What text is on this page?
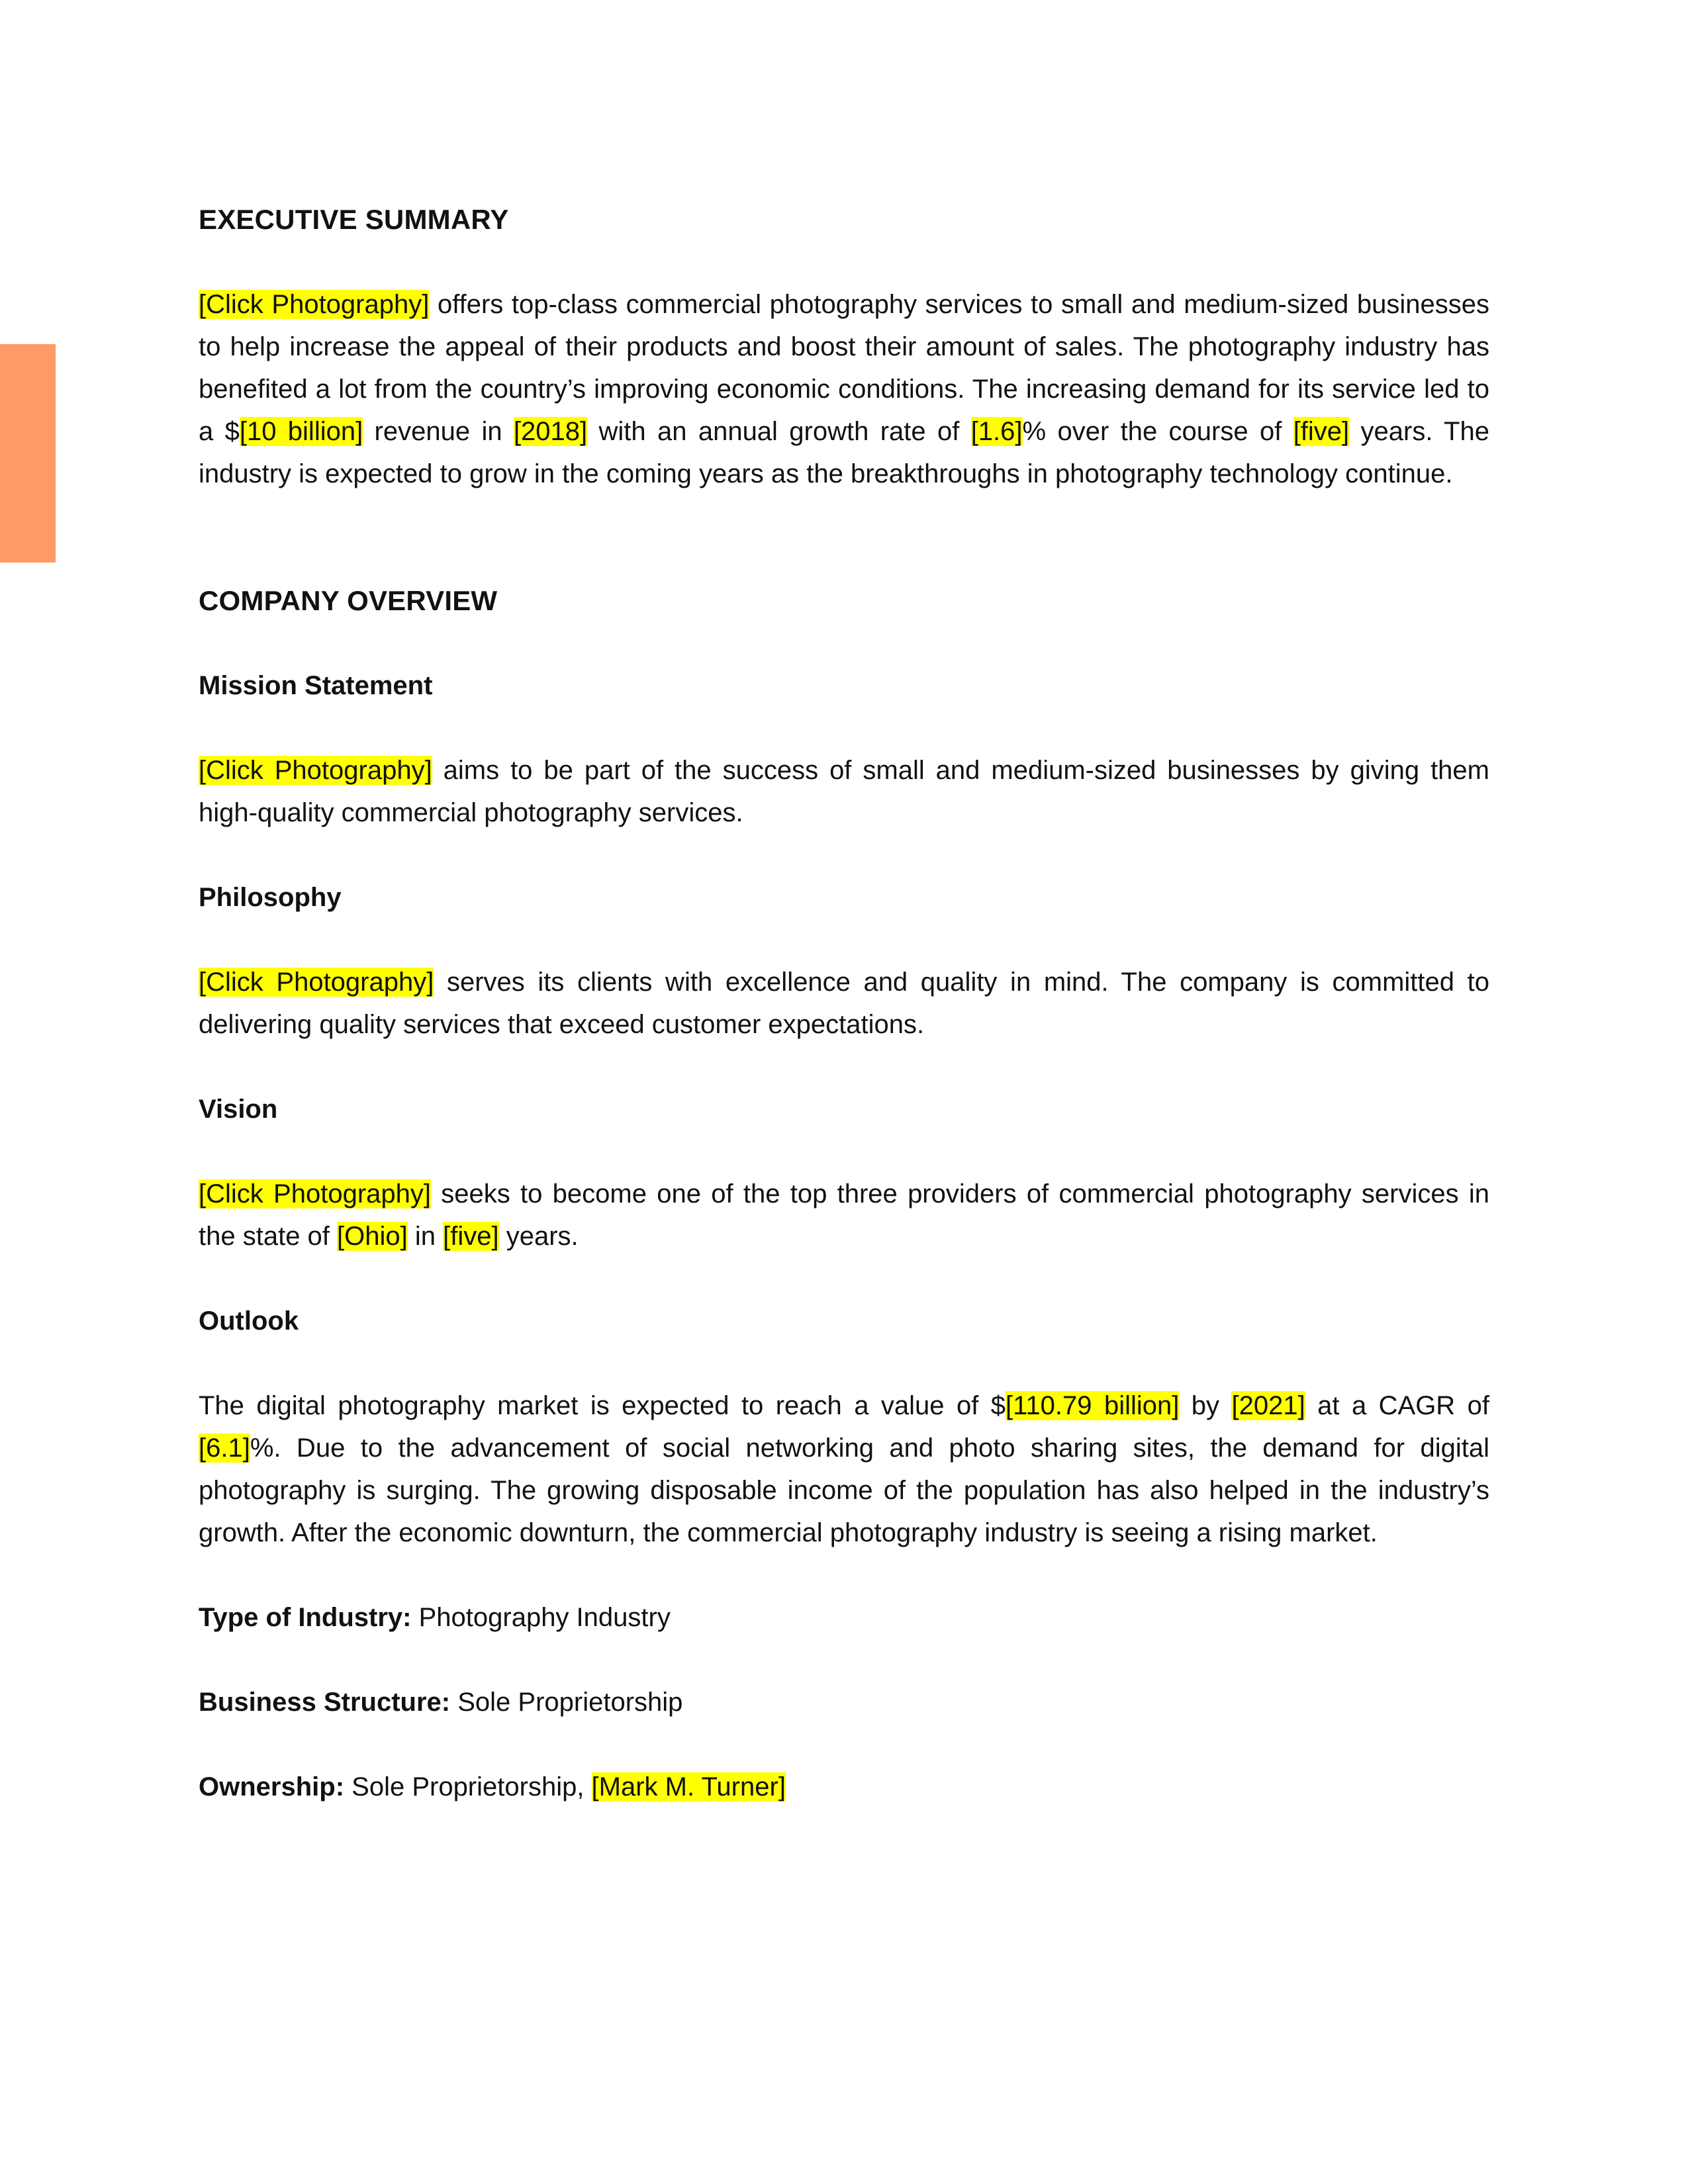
EXECUTIVE SUMMARY

[Click Photography] offers top-class commercial photography services to small and medium-sized businesses to help increase the appeal of their products and boost their amount of sales. The photography industry has benefited a lot from the country’s improving economic conditions. The increasing demand for its service led to a $[10 billion] revenue in [2018] with an annual growth rate of [1.6]% over the course of [five] years. The industry is expected to grow in the coming years as the breakthroughs in photography technology continue.

COMPANY OVERVIEW
Mission Statement

[Click Photography] aims to be part of the success of small and medium-sized businesses by giving them high-quality commercial photography services.

Philosophy

[Click Photography] serves its clients with excellence and quality in mind. The company is committed to delivering quality services that exceed customer expectations.

Vision

[Click Photography] seeks to become one of the top three providers of commercial photography services in the state of [Ohio] in [five] years.

Outlook

The digital photography market is expected to reach a value of $[110.79 billion] by [2021] at a CAGR of [6.1]%. Due to the advancement of social networking and photo sharing sites, the demand for digital photography is surging. The growing disposable income of the population has also helped in the industry’s growth. After the economic downturn, the commercial photography industry is seeing a rising market.

Type of Industry: Photography Industry

Business Structure: Sole Proprietorship

Ownership: Sole Proprietorship, [Mark M. Turner]
